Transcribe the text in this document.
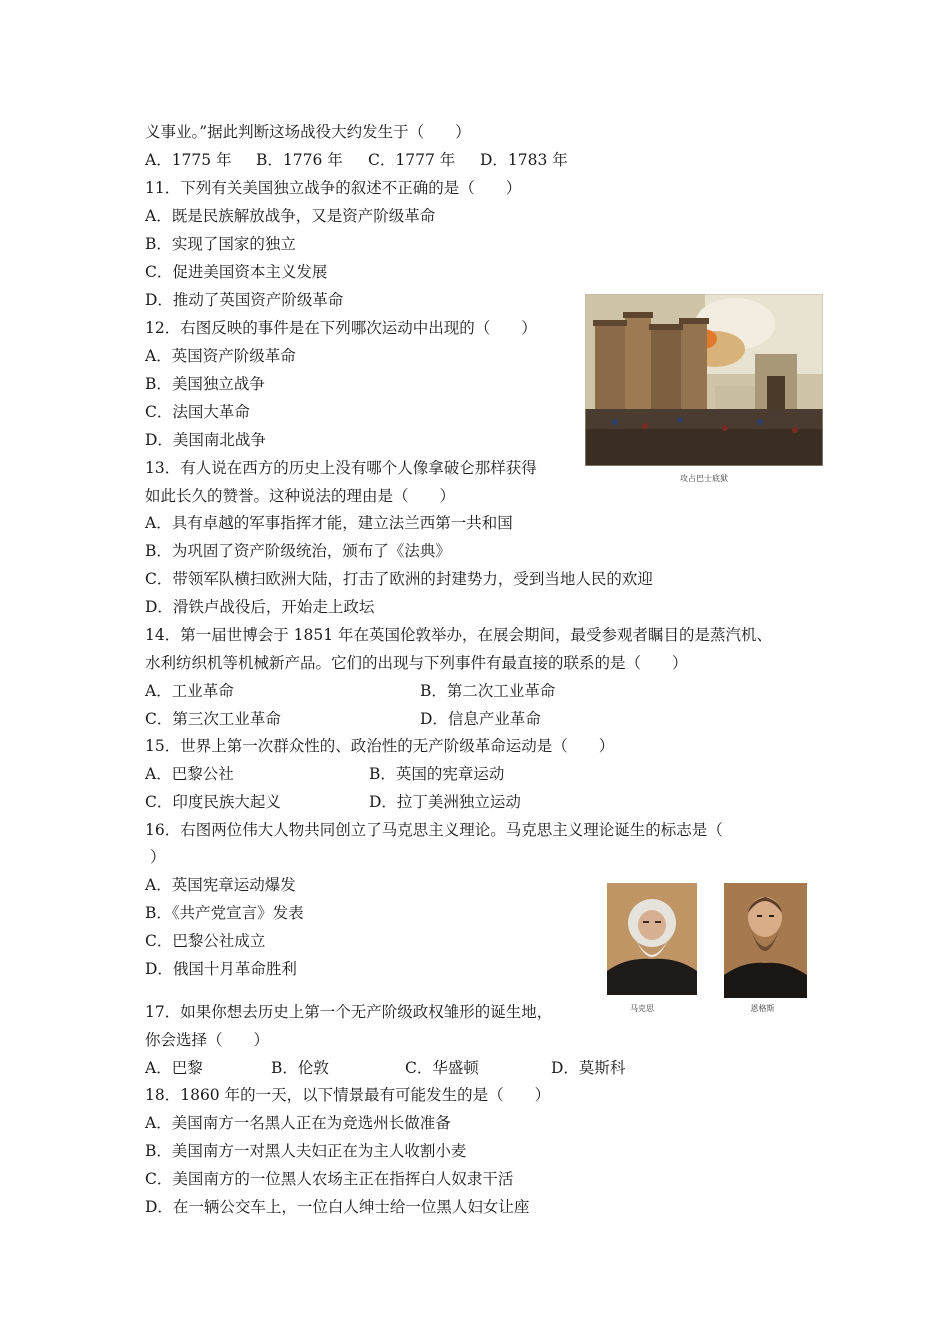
义事业。”据此判断这场战役大约发生于（　　）
A．1775 年 B．1776 年 C．1777 年 D．1783 年
11．下列有关美国独立战争的叙述不正确的是（　　）
A．既是民族解放战争，又是资产阶级革命
B．实现了国家的独立
C．促进美国资本主义发展
D．推动了英国资产阶级革命
12．右图反映的事件是在下列哪次运动中出现的（　　）
A．英国资产阶级革命
B．美国独立战争
C．法国大革命
D．美国南北战争
攻占巴士底狱
13．有人说在西方的历史上没有哪个人像拿破仑那样获得
如此长久的赞誉。这种说法的理由是（　　）
A．具有卓越的军事指挥才能，建立法兰西第一共和国
B．为巩固了资产阶级统治，颁布了《法典》
C．带领军队横扫欧洲大陆，打击了欧洲的封建势力，受到当地人民的欢迎
D．滑铁卢战役后，开始走上政坛
14．第一届世博会于 1851 年在英国伦敦举办，在展会期间，最受参观者瞩目的是蒸汽机、
水利纺织机等机械新产品。它们的出现与下列事件有最直接的联系的是（　　）
A．工业革命	B．第二次工业革命
C．第三次工业革命	D．信息产业革命
15．世界上第一次群众性的、政治性的无产阶级革命运动是（　　）
A．巴黎公社	B．英国的宪章运动
C．印度民族大起义	D．拉丁美洲独立运动
16．右图两位伟大人物共同创立了马克思主义理论。马克思主义理论诞生的标志是（
）
A．英国宪章运动爆发
B．《共产党宣言》发表
C．巴黎公社成立
D．俄国十月革命胜利
马克思	恩格斯
17．如果你想去历史上第一个无产阶级政权雏形的诞生地，
你会选择（　　）
A．巴黎	B．伦敦	C．华盛顿	D．莫斯科
18．1860 年的一天，以下情景最有可能发生的是（　　）
A．美国南方一名黑人正在为竞选州长做准备
B．美国南方一对黑人夫妇正在为主人收割小麦
C．美国南方的一位黑人农场主正在指挥白人奴隶干活
D．在一辆公交车上，一位白人绅士给一位黑人妇女让座
